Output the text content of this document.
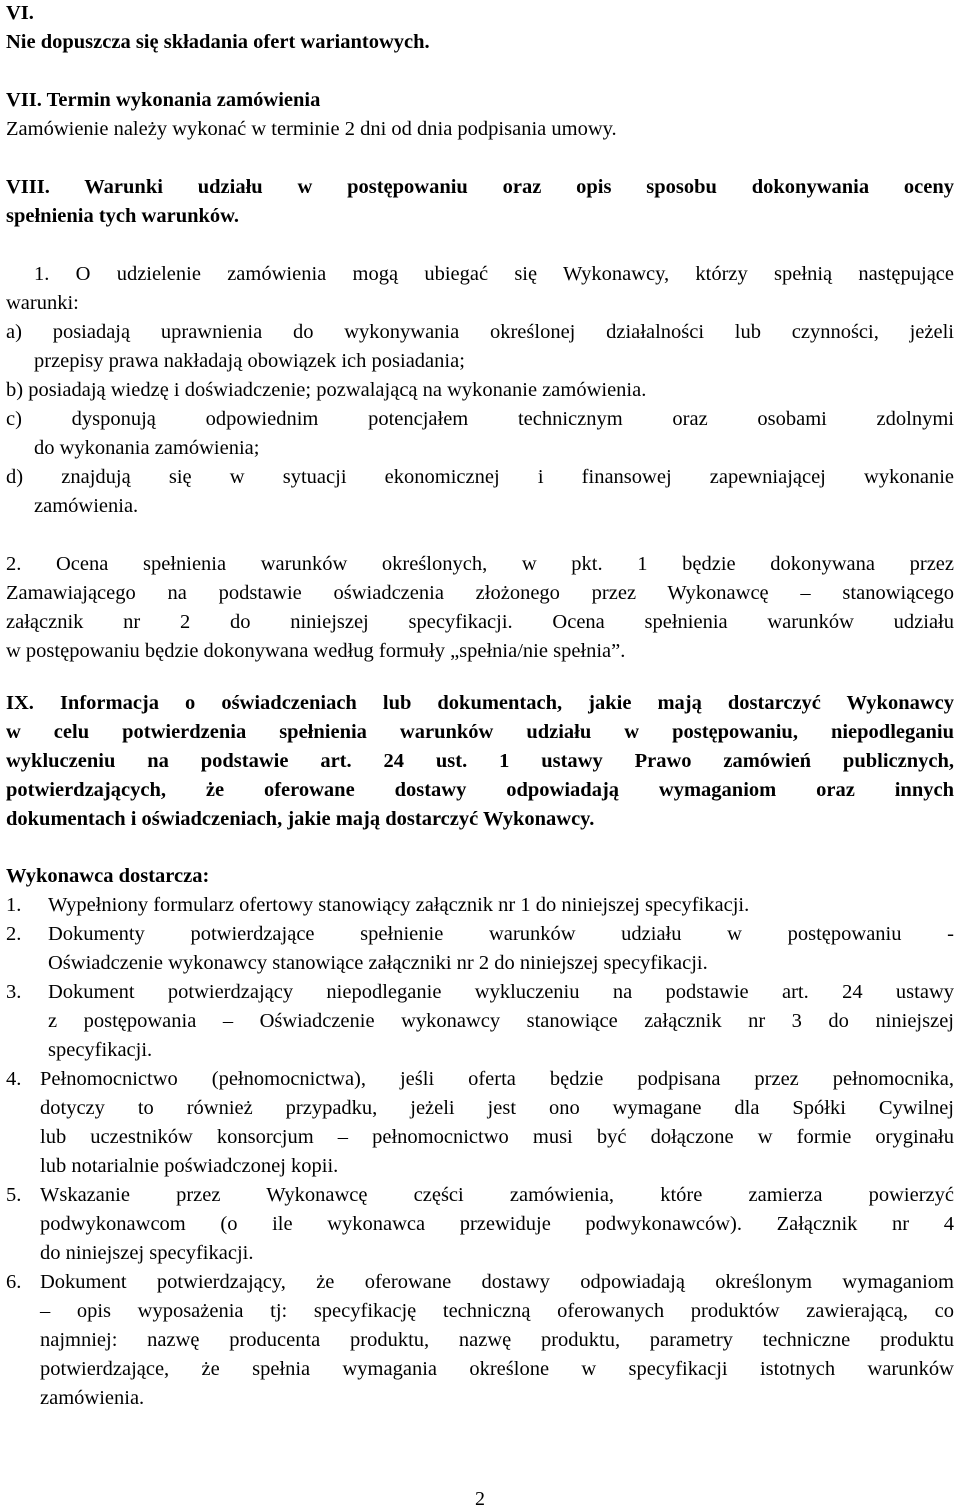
VI.
Nie dopuszcza się składania ofert wariantowych.
VII. Termin wykonania zamówienia
Zamówienie należy wykonać w terminie 2 dni od dnia podpisania umowy.
VIII. Warunki udziału w postępowaniu oraz opis sposobu dokonywania oceny
spełnienia tych warunków.
1. O udzielenie zamówienia mogą ubiegać się Wykonawcy, którzy spełnią następujące
warunki:
a) posiadają uprawnienia do wykonywania określonej działalności lub czynności, jeżeli
przepisy prawa nakładają obowiązek ich posiadania;
b) posiadają wiedzę i doświadczenie; pozwalającą na wykonanie zamówienia.
c) dysponują odpowiednim potencjałem technicznym oraz osobami zdolnymi
do wykonania zamówienia;
d) znajdują się w sytuacji ekonomicznej i finansowej zapewniającej wykonanie
zamówienia.
2. Ocena spełnienia warunków określonych, w pkt. 1 będzie dokonywana przez
Zamawiającego na podstawie oświadczenia złożonego przez Wykonawcę – stanowiącego
załącznik nr 2 do niniejszej specyfikacji. Ocena spełnienia warunków udziału
w postępowaniu będzie dokonywana według formuły „spełnia/nie spełnia”.
IX. Informacja o oświadczeniach lub dokumentach, jakie mają dostarczyć Wykonawcy
w celu potwierdzenia spełnienia warunków udziału w postępowaniu, niepodleganiu
wykluczeniu na podstawie art. 24 ust. 1 ustawy Prawo zamówień publicznych,
potwierdzających, że oferowane dostawy odpowiadają wymaganiom oraz innych
dokumentach i oświadczeniach, jakie mają dostarczyć Wykonawcy.
Wykonawca dostarcza:
1. Wypełniony formularz ofertowy stanowiący załącznik nr 1 do niniejszej specyfikacji.
2. Dokumenty potwierdzające spełnienie warunków udziału w postępowaniu -
Oświadczenie wykonawcy stanowiące załączniki nr 2 do niniejszej specyfikacji.
3. Dokument potwierdzający niepodleganie wykluczeniu na podstawie art. 24 ustawy
z postępowania – Oświadczenie wykonawcy stanowiące załącznik nr 3 do niniejszej
specyfikacji.
4. Pełnomocnictwo (pełnomocnictwa), jeśli oferta będzie podpisana przez pełnomocnika,
dotyczy to również przypadku, jeżeli jest ono wymagane dla Spółki Cywilnej
lub uczestników konsorcjum – pełnomocnictwo musi być dołączone w formie oryginału
lub notarialnie poświadczonej kopii.
5. Wskazanie przez Wykonawcę części zamówienia, które zamierza powierzyć
podwykonawcom (o ile wykonawca przewiduje podwykonawców). Załącznik nr 4
do niniejszej specyfikacji.
6. Dokument potwierdzający, że oferowane dostawy odpowiadają określonym wymaganiom
– opis wyposażenia tj: specyfikację techniczną oferowanych produktów zawierającą, co
najmniej: nazwę producenta produktu, nazwę produktu, parametry techniczne produktu
potwierdzające, że spełnia wymagania określone w specyfikacji istotnych warunków
zamówienia.
2
